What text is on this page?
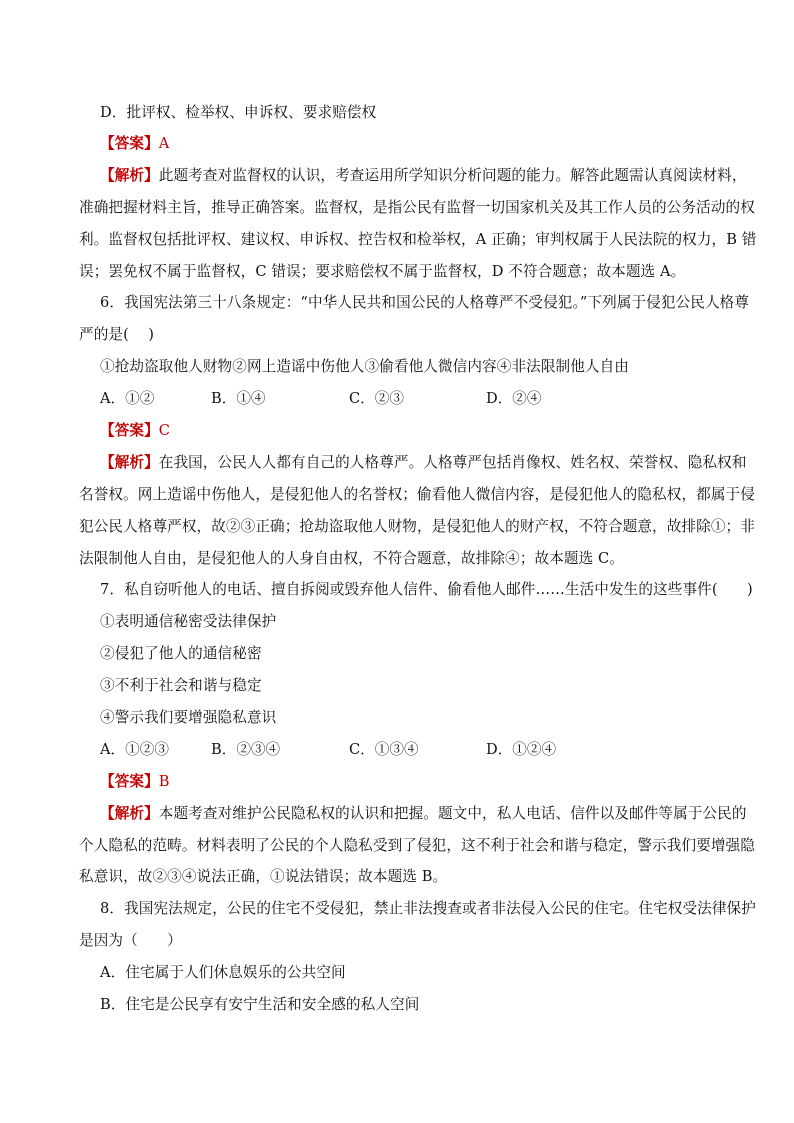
D．批评权、检举权、申诉权、要求赔偿权
【答案】A
【解析】此题考查对监督权的认识，考查运用所学知识分析问题的能力。解答此题需认真阅读材料，
准确把握材料主旨，推导正确答案。监督权，是指公民有监督一切国家机关及其工作人员的公务活动的权
利。监督权包括批评权、建议权、申诉权、控告权和检举权，A 正确；审判权属于人民法院的权力，B 错
误；罢免权不属于监督权，C 错误；要求赔偿权不属于监督权，D 不符合题意；故本题选 A。
6．我国宪法第三十八条规定：“中华人民共和国公民的人格尊严不受侵犯。”下列属于侵犯公民人格尊
严的是(　 )
①抢劫盗取他人财物②网上造谣中伤他人③偷看他人微信内容④非法限制他人自由
A．①②	B．①④	C．②③	D．②④
【答案】C
【解析】在我国，公民人人都有自己的人格尊严。人格尊严包括肖像权、姓名权、荣誉权、隐私权和
名誉权。网上造谣中伤他人，是侵犯他人的名誉权；偷看他人微信内容，是侵犯他人的隐私权，都属于侵
犯公民人格尊严权，故②③正确；抢劫盗取他人财物，是侵犯他人的财产权，不符合题意，故排除①；非
法限制他人自由，是侵犯他人的人身自由权，不符合题意，故排除④；故本题选 C。
7．私自窃听他人的电话、擅自拆阅或毁弃他人信件、偷看他人邮件……生活中发生的这些事件(　　)
①表明通信秘密受法律保护
②侵犯了他人的通信秘密
③不利于社会和谐与稳定
④警示我们要增强隐私意识
A．①②③	B．②③④	C．①③④	D．①②④
【答案】B
【解析】本题考查对维护公民隐私权的认识和把握。题文中，私人电话、信件以及邮件等属于公民的
个人隐私的范畴。材料表明了公民的个人隐私受到了侵犯，这不利于社会和谐与稳定，警示我们要增强隐
私意识，故②③④说法正确，①说法错误；故本题选 B。
8．我国宪法规定，公民的住宅不受侵犯，禁止非法搜查或者非法侵入公民的住宅。住宅权受法律保护
是因为（　　）
A．住宅属于人们休息娱乐的公共空间
B．住宅是公民享有安宁生活和安全感的私人空间
